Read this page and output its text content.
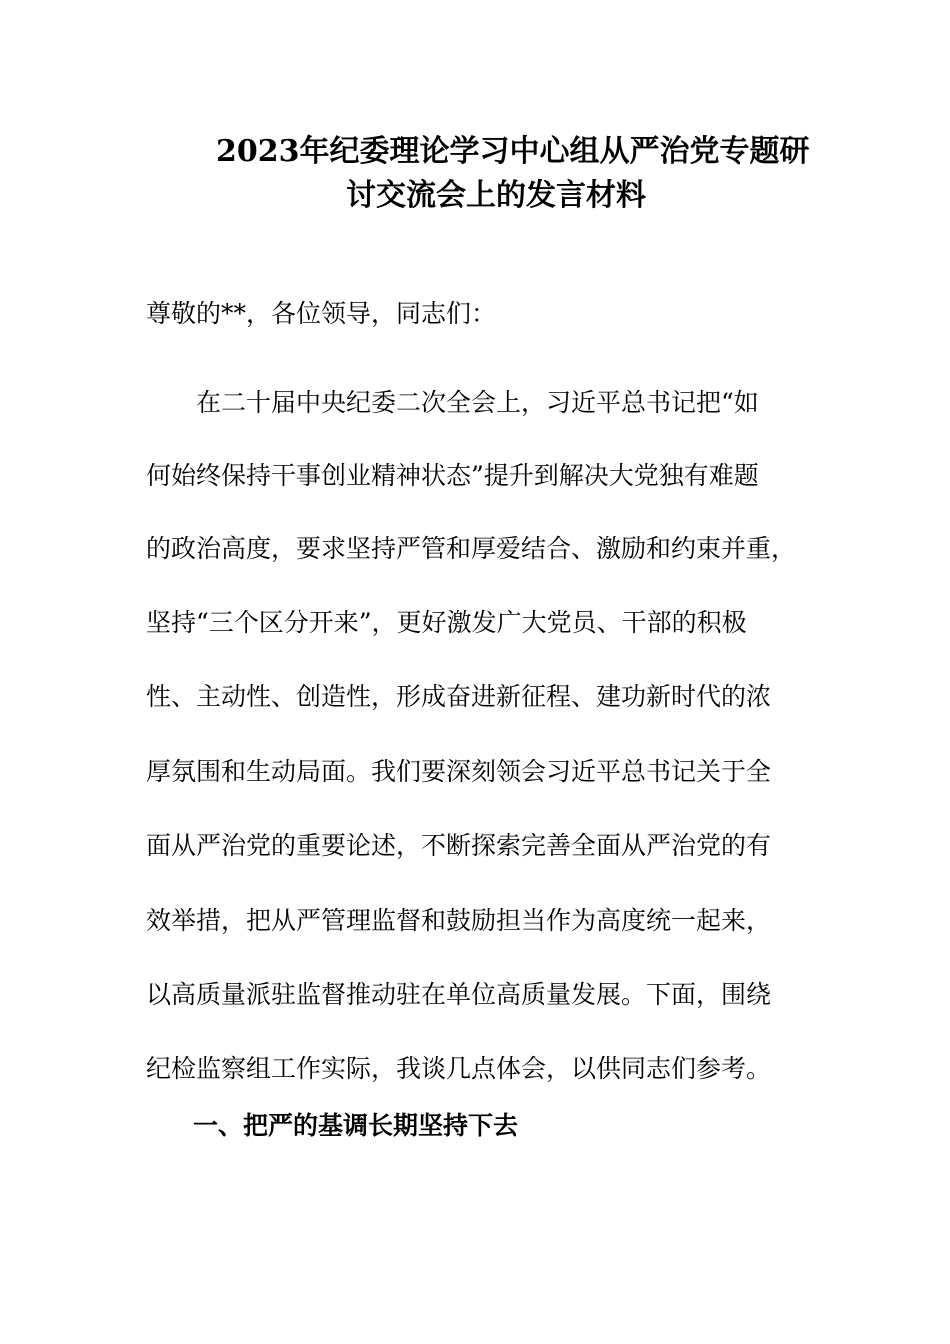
2023年纪委理论学习中心组从严治党专题研
讨交流会上的发言材料
尊敬的**，各位领导，同志们：
在二十届中央纪委二次全会上，习近平总书记把“如
何始终保持干事创业精神状态”提升到解决大党独有难题
的政治高度，要求坚持严管和厚爱结合、激励和约束并重，
坚持“三个区分开来”，更好激发广大党员、干部的积极
性、主动性、创造性，形成奋进新征程、建功新时代的浓
厚氛围和生动局面。我们要深刻领会习近平总书记关于全
面从严治党的重要论述，不断探索完善全面从严治党的有
效举措，把从严管理监督和鼓励担当作为高度统一起来，
以高质量派驻监督推动驻在单位高质量发展。下面，围绕
纪检监察组工作实际，我谈几点体会，以供同志们参考。
一、把严的基调长期坚持下去
